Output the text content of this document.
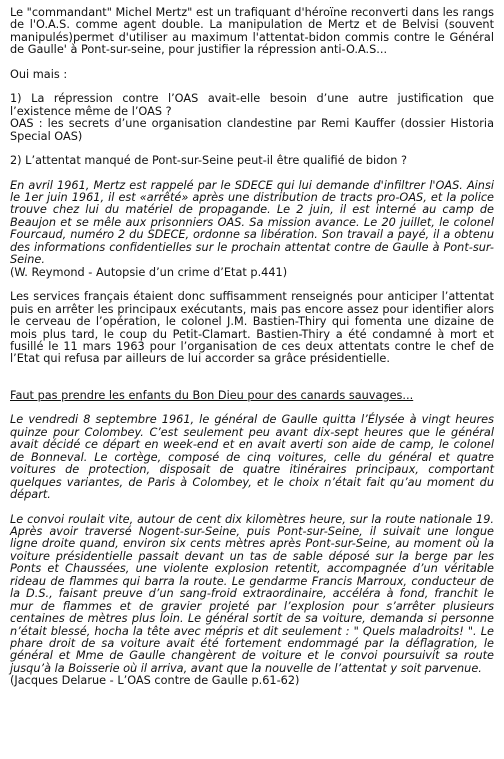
Le "commandant" Michel Mertz" est un trafiquant d'héroïne reconverti dans les rangs de l'O.A.S. comme agent double. La manipulation de Mertz et de Belvisi (souvent manipulés)permet d'utiliser au maximum l'attentat-bidon commis contre le Général de Gaulle' à Pont-sur-seine, pour justifier la répression anti-O.A.S...

Oui mais :

1) La répression contre l’OAS avait-elle besoin d’une autre justification que l’existence même de l’OAS ?

OAS : les secrets d’une organisation clandestine par Remi Kauffer (dossier Historia Special OAS)

2) L’attentat manqué de Pont-sur-Seine peut-il être qualifié de bidon ?

En avril 1961, Mertz est rappelé par le SDECE qui lui demande d'infiltrer l'OAS. Ainsi le 1er juin 1961, il est «arrêté» après une distribution de tracts pro-OAS, et la police trouve chez lui du matériel de propagande. Le 2 juin, il est interné au camp de Beaujon et se mêle aux prisonniers OAS. Sa mission avance. Le 20 juillet, le colonel Fourcaud, numéro 2 du SDECE, ordonne sa libération. Son travail a payé, il a obtenu des informations confidentielles sur le prochain attentat contre de Gaulle à Pont-sur-Seine.

(W. Reymond - Autopsie d’un crime d’Etat p.441)

Les services français étaient donc suffisamment renseignés pour anticiper l’attentat puis en arrêter les principaux exécutants, mais pas encore assez pour identifier alors le cerveau de l’opération, le colonel J.M. Bastien-Thiry qui fomenta une dizaine de mois plus tard, le coup du Petit-Clamart. Bastien-Thiry a été condamné à mort et fusillé le 11 mars 1963 pour l’organisation de ces deux attentats contre le chef de l’Etat qui refusa par ailleurs de lui accorder sa grâce présidentielle.

Faut pas prendre les enfants du Bon Dieu pour des canards sauvages...

Le vendredi 8 septembre 1961, le général de Gaulle quitta l’Élysée à vingt heures quinze pour Colombey. C’est seulement peu avant dix-sept heures que le général avait décidé ce départ en week-end et en avait averti son aide de camp, le colonel de Bonneval. Le cortège, composé de cinq voitures, celle du général et quatre voitures de protection, disposait de quatre itinéraires principaux, comportant quelques variantes, de Paris à Colombey, et le choix n’était fait qu’au moment du départ.

Le convoi roulait vite, autour de cent dix kilomètres heure, sur la route nationale 19. Après avoir traversé Nogent-sur-Seine, puis Pont-sur-Seine, il suivait une longue ligne droite quand, environ six cents mètres après Pont-sur-Seine, au moment où la voiture présidentielle passait devant un tas de sable déposé sur la berge par les Ponts et Chaussées, une violente explosion retentit, accompagnée d’un véritable rideau de flammes qui barra la route. Le gendarme Francis Marroux, conducteur de la D.S., faisant preuve d’un sang-froid extraordinaire, accéléra à fond, franchit le mur de flammes et de gravier projeté par l’explosion pour s’arrêter plusieurs centaines de mètres plus loin. Le général sortit de sa voiture, demanda si personne n’était blessé, hocha la tête avec mépris et dit seulement : " Quels maladroits! ". Le phare droit de sa voiture avait été fortement endommagé par la déflagration, le général et Mme de Gaulle changèrent de voiture et le convoi poursuivit sa route jusqu’à la Boisserie où il arriva, avant que la nouvelle de l’attentat y soit parvenue.

(Jacques Delarue - L’OAS contre de Gaulle p.61-62)
